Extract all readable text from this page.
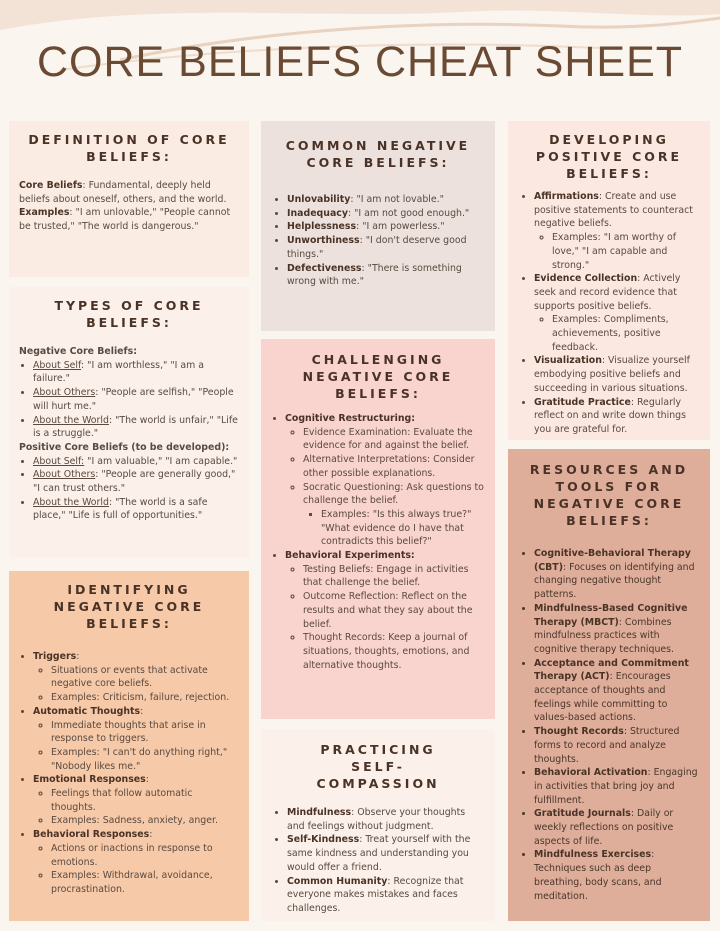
CORE BELIEFS CHEAT SHEET
DEFINITION OF CORE BELIEFS:

Core Beliefs: Fundamental, deeply held beliefs about oneself, others, and the world.

Examples: "I am unlovable," "People cannot be trusted," "The world is dangerous."

TYPES OF CORE BELIEFS:

Negative Core Beliefs:

• About Self: "I am worthless," "I am a failure."
• About Others: "People are selfish," "People will hurt me."
• About the World: "The world is unfair," "Life is a struggle."

Positive Core Beliefs (to be developed):

• About Self: "I am valuable," "I am capable."
• About Others: "People are generally good," "I can trust others."
• About the World: "The world is a safe place," "Life is full of opportunities."
IDENTIFYING NEGATIVE CORE BELIEFS:
• Triggers:
◦ Situations or events that activate negative core beliefs.
◦ Examples: Criticism, failure, rejection.
• Automatic Thoughts:
◦ Immediate thoughts that arise in response to triggers.
◦ Examples: "I can't do anything right," "Nobody likes me."
• Emotional Responses:
◦ Feelings that follow automatic thoughts.
◦ Examples: Sadness, anxiety, anger.
• Behavioral Responses:
◦ Actions or inactions in response to emotions.
◦ Examples: Withdrawal, avoidance, procrastination.
COMMON NEGATIVE CORE BELIEFS:
• Unlovability: "I am not lovable."
• Inadequacy: "I am not good enough."
• Helplessness: "I am powerless."
• Unworthiness: "I don't deserve good things."
• Defectiveness: "There is something wrong with me."
CHALLENGING NEGATIVE CORE BELIEFS:
• Cognitive Restructuring:
◦ Evidence Examination: Evaluate the evidence for and against the belief.
◦ Alternative Interpretations: Consider other possible explanations.
◦ Socratic Questioning: Ask questions to challenge the belief.
▪ Examples: "Is this always true?" "What evidence do I have that contradicts this belief?"
• Behavioral Experiments:
◦ Testing Beliefs: Engage in activities that challenge the belief.
◦ Outcome Reflection: Reflect on the results and what they say about the belief.
◦ Thought Records: Keep a journal of situations, thoughts, emotions, and alternative thoughts.
PRACTICING SELF-COMPASSION
• Mindfulness: Observe your thoughts and feelings without judgment.
• Self-Kindness: Treat yourself with the same kindness and understanding you would offer a friend.
• Common Humanity: Recognize that everyone makes mistakes and faces challenges.
DEVELOPING POSITIVE CORE BELIEFS:
• Affirmations: Create and use positive statements to counteract negative beliefs.
◦ Examples: "I am worthy of love," "I am capable and strong."
• Evidence Collection: Actively seek and record evidence that supports positive beliefs.
◦ Examples: Compliments, achievements, positive feedback.
• Visualization: Visualize yourself embodying positive beliefs and succeeding in various situations.
• Gratitude Practice: Regularly reflect on and write down things you are grateful for.
RESOURCES AND TOOLS FOR NEGATIVE CORE BELIEFS:
• Cognitive-Behavioral Therapy (CBT): Focuses on identifying and changing negative thought patterns.
• Mindfulness-Based Cognitive Therapy (MBCT): Combines mindfulness practices with cognitive therapy techniques.
• Acceptance and Commitment Therapy (ACT): Encourages acceptance of thoughts and feelings while committing to values-based actions.
• Thought Records: Structured forms to record and analyze thoughts.
• Behavioral Activation: Engaging in activities that bring joy and fulfillment.
• Gratitude Journals: Daily or weekly reflections on positive aspects of life.
• Mindfulness Exercises: Techniques such as deep breathing, body scans, and meditation.
